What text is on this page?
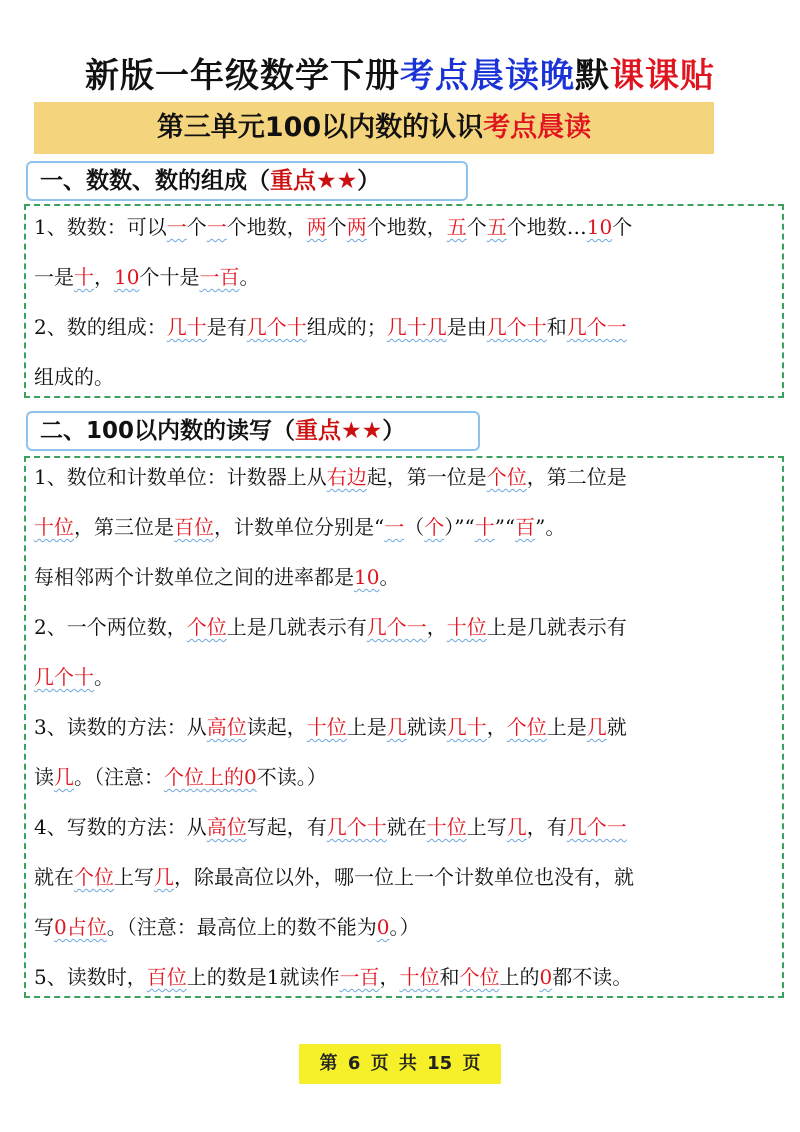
新版一年级数学下册考点晨读晚默课课贴
第三单元100以内数的认识考点晨读
一、数数、数的组成（重点★★）
1、数数：可以一个一个地数，两个两个地数，五个五个地数…10个
一是十，10个十是一百。
2、数的组成：几十是有几个十组成的；几十几是由几个十和几个一
组成的。
二、100以内数的读写（重点★★）
1、数位和计数单位：计数器上从右边起，第一位是个位，第二位是
十位，第三位是百位，计数单位分别是“一（个）”“十”“百”。
每相邻两个计数单位之间的进率都是10。
2、一个两位数，个位上是几就表示有几个一，十位上是几就表示有
几个十。
3、读数的方法：从高位读起，十位上是几就读几十，个位上是几就
读几。（注意：个位上的0不读。）
4、写数的方法：从高位写起，有几个十就在十位上写几，有几个一
就在个位上写几，除最高位以外，哪一位上一个计数单位也没有，就
写0占位。（注意：最高位上的数不能为0。）
5、读数时，百位上的数是1就读作一百，十位和个位上的0都不读。
第 6 页 共 15 页
